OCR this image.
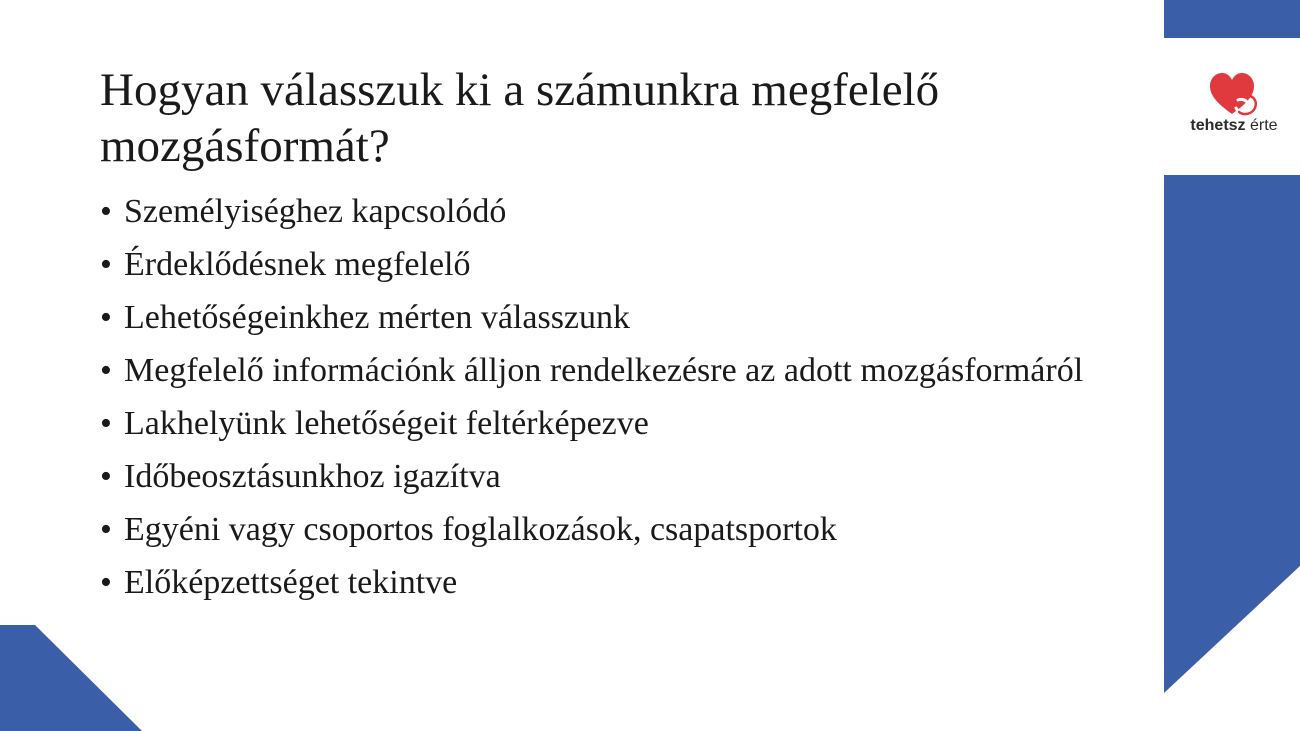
Hogyan válasszuk ki a számunkra megfelelő mozgásformát?
• Személyiséghez kapcsolódó
• Érdeklődésnek megfelelő
• Lehetőségeinkhez mérten válasszunk
• Megfelelő információnk álljon rendelkezésre az adott mozgásformáról
• Lakhelyünk lehetőségeit feltérképezve
• Időbeosztásunkhoz igazítva
• Egyéni vagy csoportos foglalkozások, csapatsportok
• Előképzettséget tekintve
tehetsz érte
